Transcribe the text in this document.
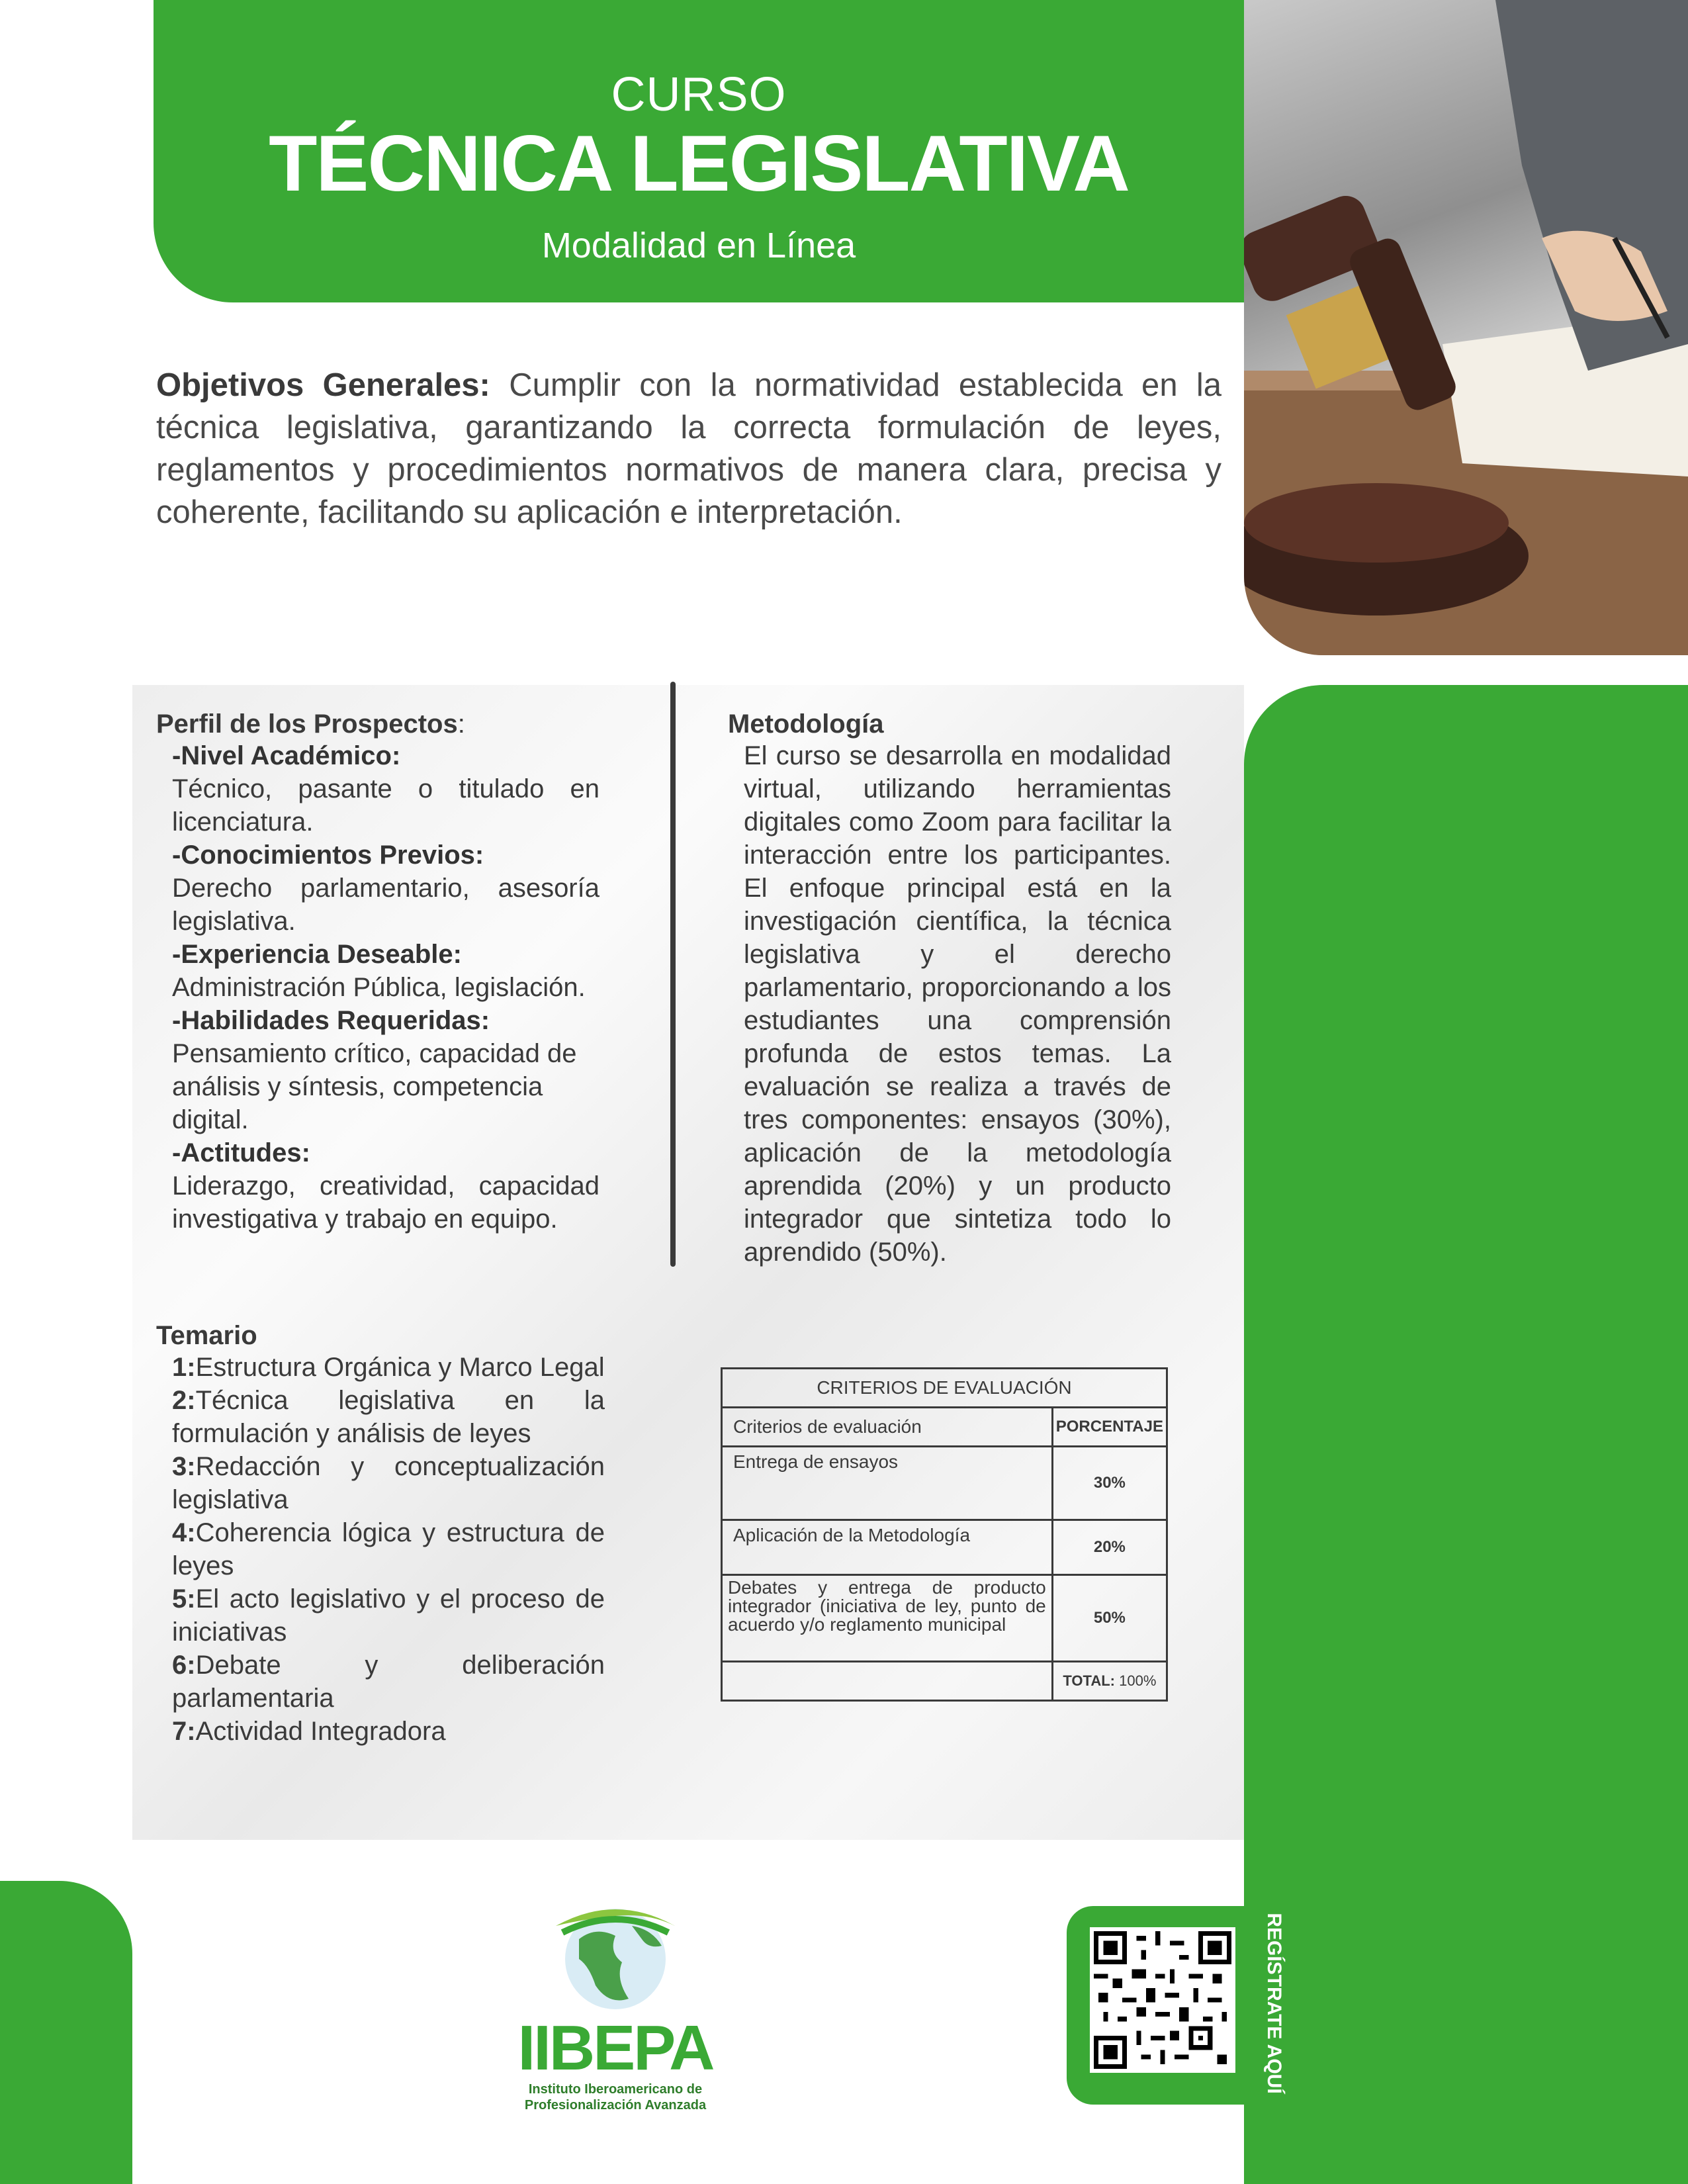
CURSO
TÉCNICA LEGISLATIVA
Modalidad en Línea
Objetivos Generales: Cumplir con la normatividad establecida en la técnica legislativa, garantizando la correcta formulación de leyes, reglamentos y procedimientos normativos de manera clara, precisa y coherente, facilitando su aplicación e interpretación.
Perfil de los Prospectos:
-Nivel Académico:
Técnico, pasante o titulado en licenciatura.
-Conocimientos Previos:
Derecho parlamentario, asesoría legislativa.
-Experiencia Deseable:
Administración Pública, legislación.
-Habilidades Requeridas:
Pensamiento crítico, capacidad de análisis y síntesis, competencia digital.
-Actitudes:
Liderazgo, creatividad, capacidad investigativa y trabajo en equipo.
Metodología
El curso se desarrolla en modalidad virtual, utilizando herramientas digitales como Zoom para facilitar la interacción entre los participantes. El enfoque principal está en la investigación científica, la técnica legislativa y el derecho parlamentario, proporcionando a los estudiantes una comprensión profunda de estos temas. La evaluación se realiza a través de tres componentes: ensayos (30%), aplicación de la metodología aprendida (20%) y un producto integrador que sintetiza todo lo aprendido (50%).
Temario
1:Estructura Orgánica y Marco Legal
2:Técnica legislativa en la formulación y análisis de leyes
3:Redacción y conceptualización legislativa
4:Coherencia lógica y estructura de leyes
5:El acto legislativo y el proceso de iniciativas
6:Debate y deliberación parlamentaria
7:Actividad Integradora
CRITERIOS DE EVALUACIÓN	
Criterios de evaluación	PORCENTAJE
Entrega de ensayos	30%
Aplicación de la Metodología	20%
Debates y entrega de producto integrador (iniciativa de ley, punto de acuerdo y/o reglamento municipal	50%
	TOTAL: 100%
REGÍSTRATE AQUÍ
IIBEPA
Instituto Iberoamericano de
Profesionalización Avanzada
